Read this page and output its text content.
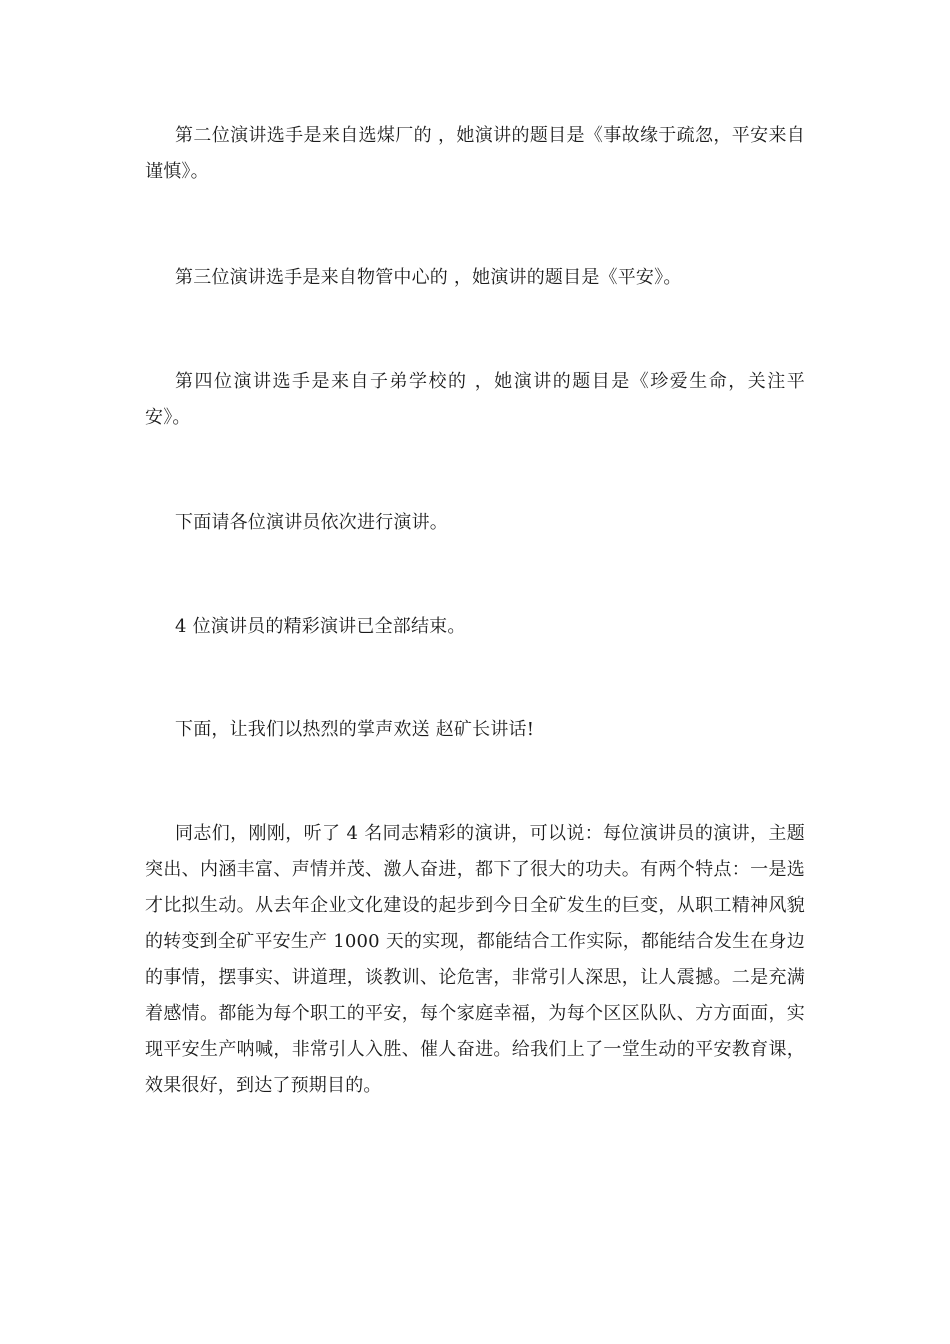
第二位演讲选手是来自选煤厂的 ，她演讲的题目是《事故缘于疏忽，平安来自谨慎》。

第三位演讲选手是来自物管中心的 ，她演讲的题目是《平安》。

第四位演讲选手是来自子弟学校的 ，她演讲的题目是《珍爱生命，关注平安》。

下面请各位演讲员依次进行演讲。

4 位演讲员的精彩演讲已全部结束。

下面，让我们以热烈的掌声欢送 赵矿长讲话!

同志们，刚刚，听了 4 名同志精彩的演讲，可以说：每位演讲员的演讲，主题突出、内涵丰富、声情并茂、激人奋进，都下了很大的功夫。有两个特点：一是选才比拟生动。从去年企业文化建设的起步到今日全矿发生的巨变，从职工精神风貌的转变到全矿平安生产 1000 天的实现，都能结合工作实际，都能结合发生在身边的事情，摆事实、讲道理，谈教训、论危害，非常引人深思，让人震撼。二是充满着感情。都能为每个职工的平安，每个家庭幸福，为每个区区队队、方方面面，实现平安生产呐喊，非常引人入胜、催人奋进。给我们上了一堂生动的平安教育课，效果很好，到达了预期目的。
